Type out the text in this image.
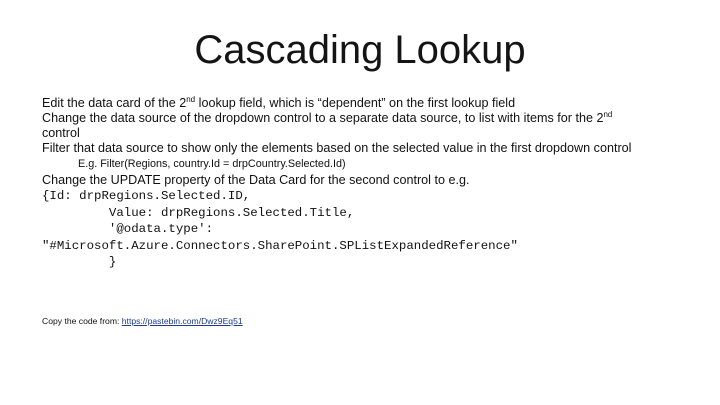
Cascading Lookup

Edit the data card of the 2nd lookup field, which is “dependent” on the first lookup field

Change the data source of the dropdown control to a separate data source, to list with items for the 2nd
control

Filter that data source to show only the elements based on the selected value in the first dropdown control

E.g. Filter(Regions, country.Id = drpCountry.Selected.Id)

Change the UPDATE property of the Data Card for the second control to e.g.

{Id: drpRegions.Selected.ID,

Value: drpRegions.Selected.Title,

'@odata.type':

"#Microsoft.Azure.Connectors.SharePoint.SPListExpandedReference"

}

Copy the code from: https://pastebin.com/Dwz9Eq51
